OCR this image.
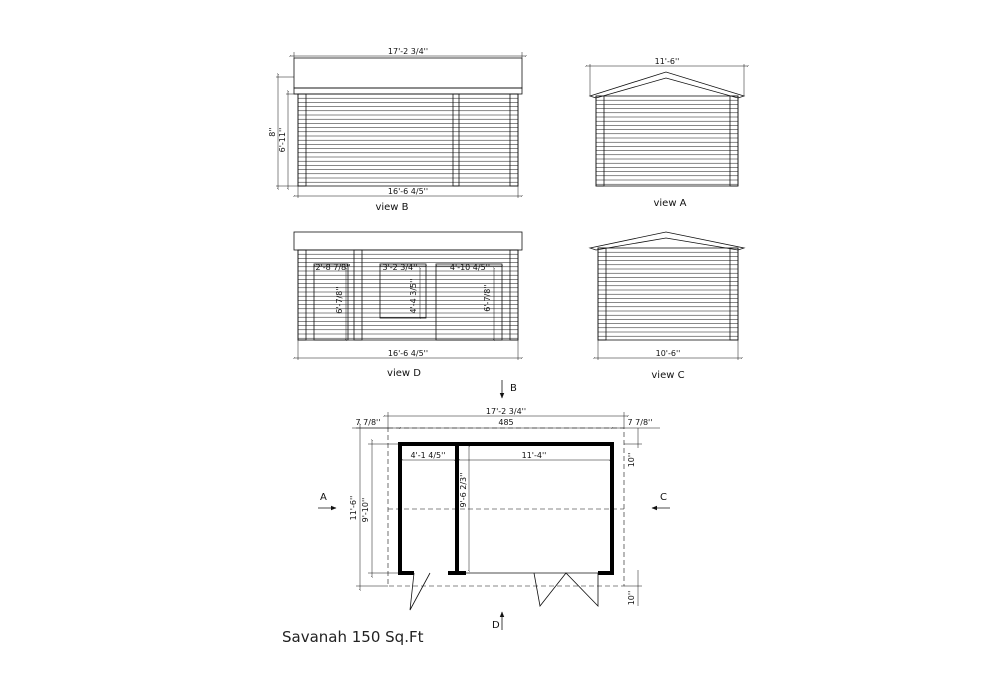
17'-2 3/4''
16'-6 4/5''
8'' 6'-11''
view B
11'-6''
view A
2'-8 7/8''
6'-7/8''
3'-2 3/4''
4'-4 3/5''
4'-10 4/5''
6'-7/8''
16'-6 4/5''
view D
10'-6''
view C
17'-2 3/4''
485
7 7/8''	7 7/8''
10''
10''
11'-6'' 9'-10''
4'-1 4/5''	11'-4''
9'-6 2/3''
B
A	C
D
Savanah 150 Sq.Ft
